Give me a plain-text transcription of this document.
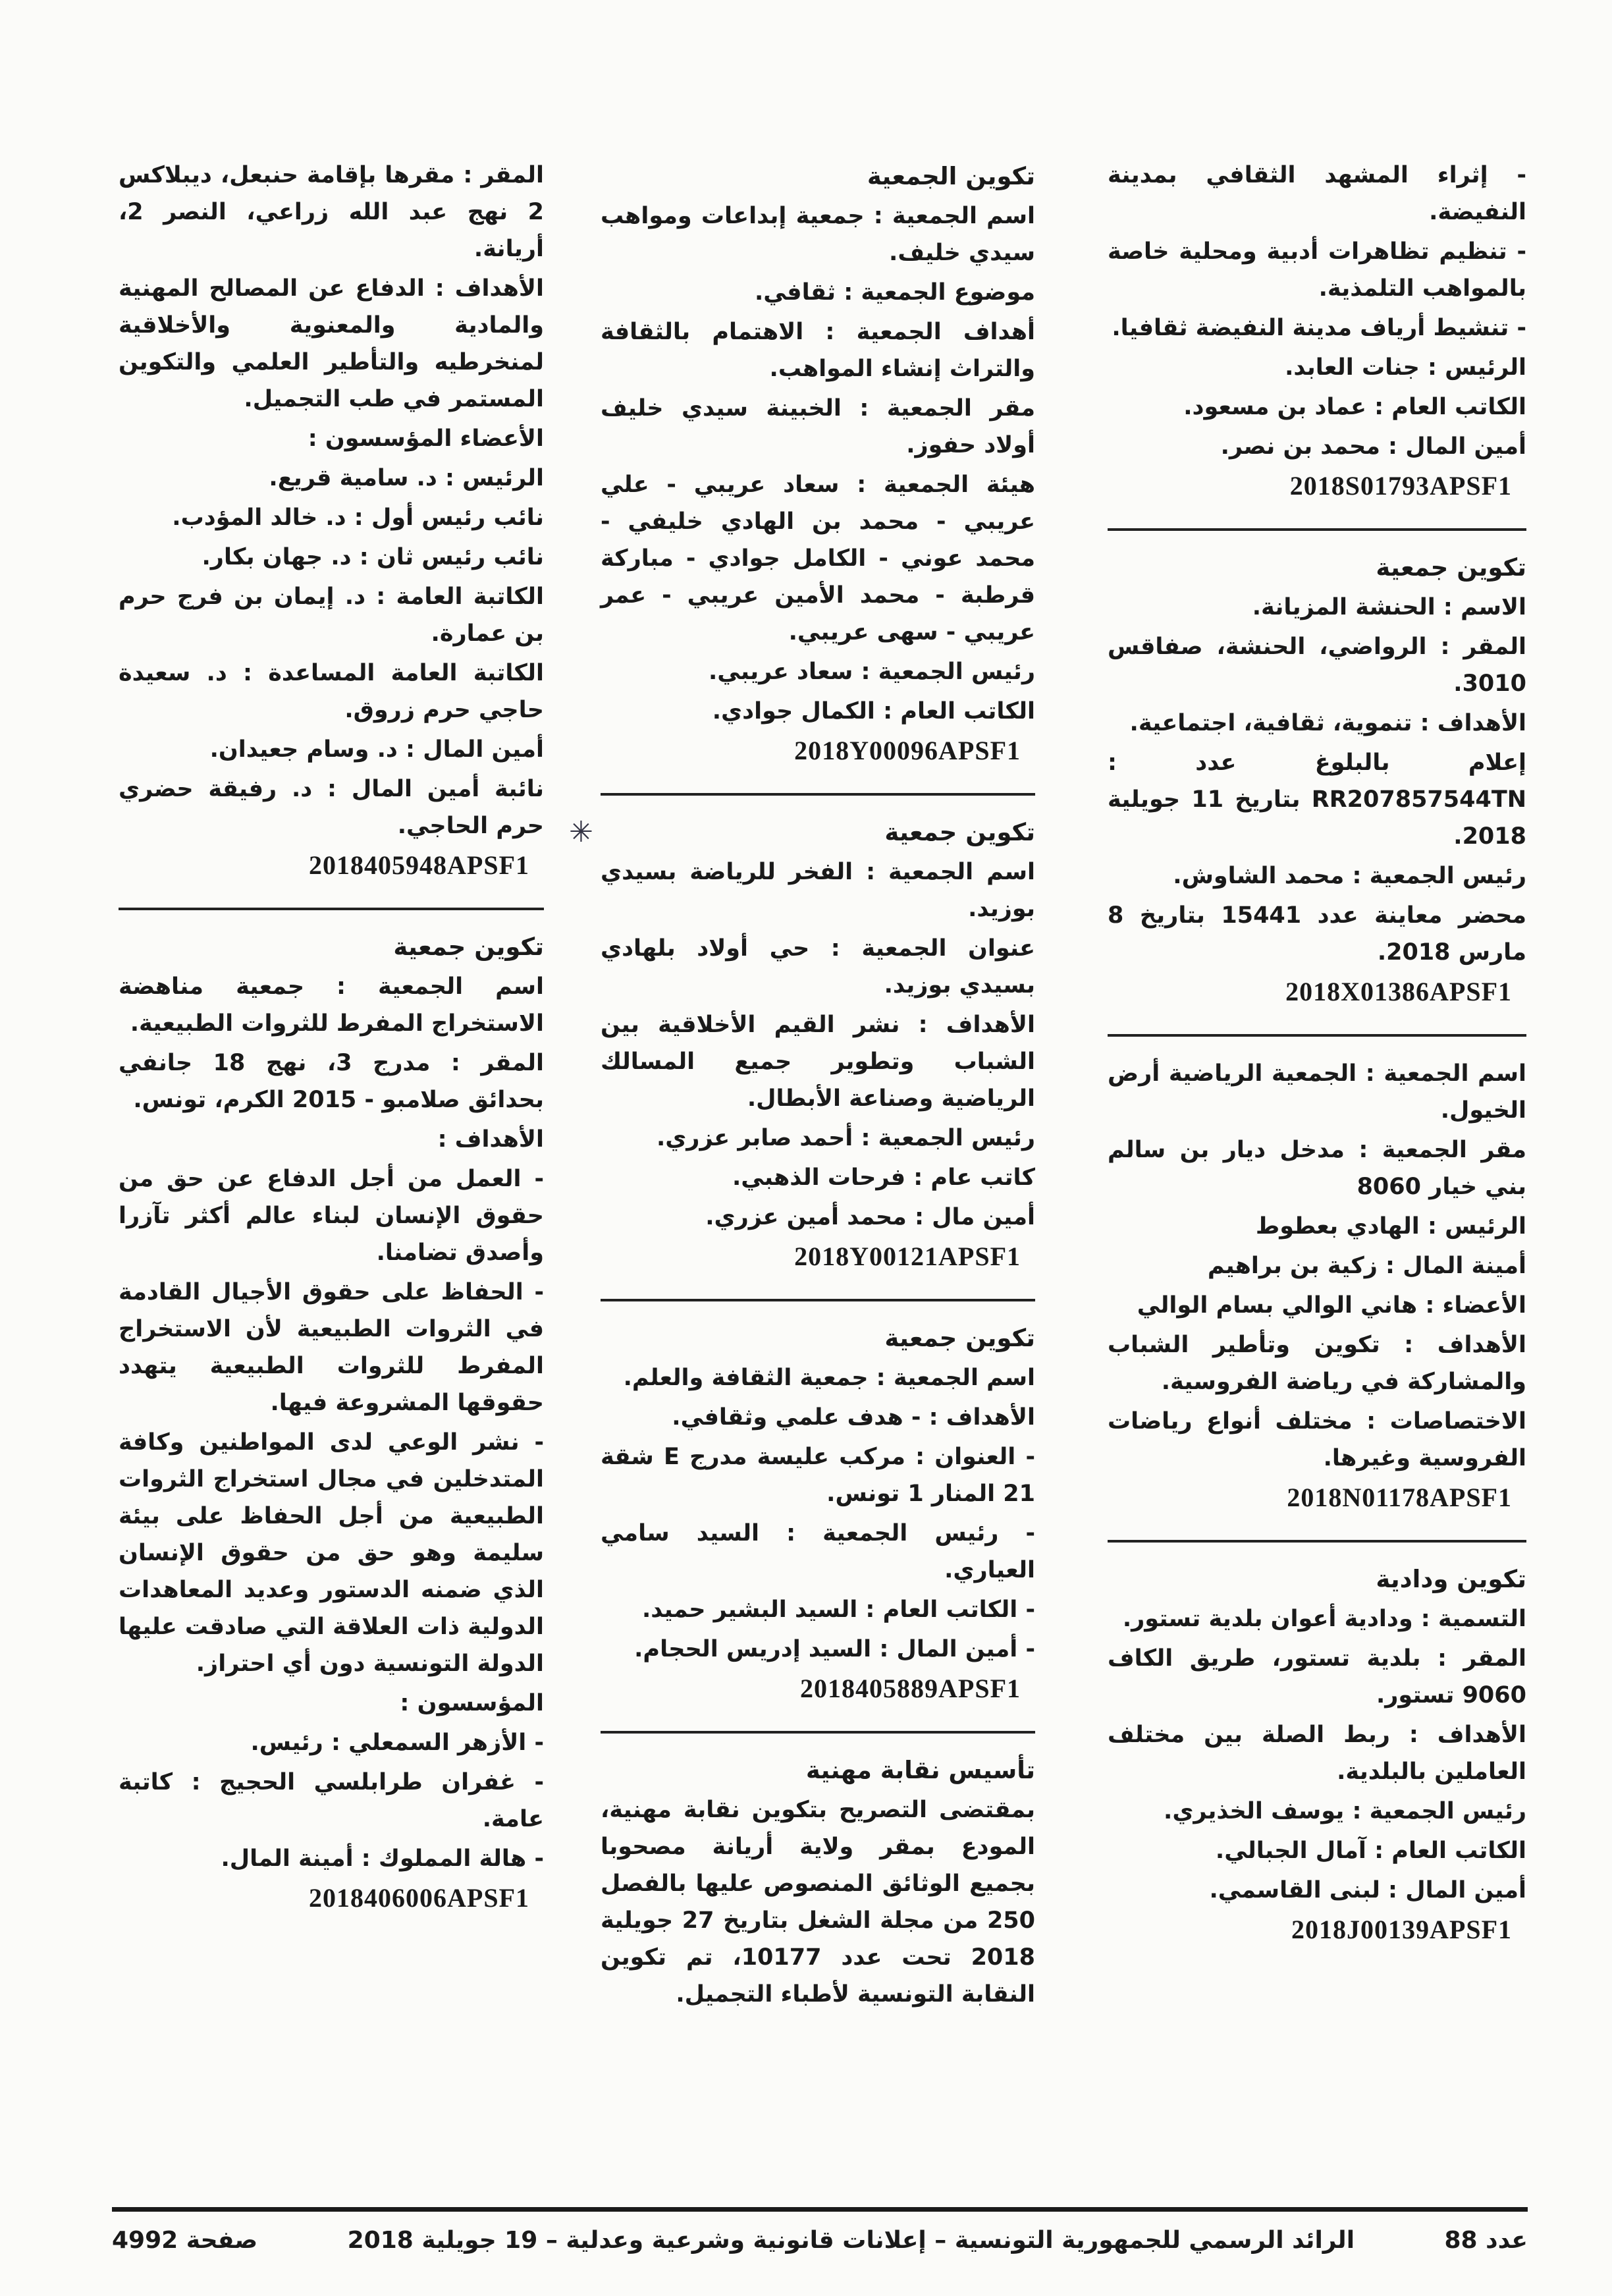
المقر : مقرها بإقامة حنبعل، ديبلاكس 2 نهج عبد الله زراعي، النصر 2، أريانة.
الأهداف : الدفاع عن المصالح المهنية والمادية والمعنوية والأخلاقية لمنخرطيه والتأطير العلمي والتكوين المستمر في طب التجميل.
الأعضاء المؤسسون :
الرئيس : د. سامية قريع.
نائب رئيس أول : د. خالد المؤدب.
نائب رئيس ثان : د. جهان بكار.
الكاتبة العامة : د. إيمان بن فرج حرم بن عمارة.
الكاتبة العامة المساعدة : د. سعيدة حاجي حرم زروق.
أمين المال : د. وسام جعيدان.
نائبة أمين المال : د. رفيقة حضري حرم الحاجي.
2018405948APSF1
تكوين جمعية
اسم الجمعية : جمعية مناهضة الاستخراج المفرط للثروات الطبيعية.
المقر : مدرج 3، نهج 18 جانفي بحدائق صلامبو - 2015 الكرم، تونس.
الأهداف :
- العمل من أجل الدفاع عن حق من حقوق الإنسان لبناء عالم أكثر تآزرا وأصدق تضامنا.
- الحفاظ على حقوق الأجيال القادمة في الثروات الطبيعية لأن الاستخراج المفرط للثروات الطبيعية يتهدد حقوقها المشروعة فيها.
- نشر الوعي لدى المواطنين وكافة المتدخلين في مجال استخراج الثروات الطبيعية من أجل الحفاظ على بيئة سليمة وهو حق من حقوق الإنسان الذي ضمنه الدستور وعديد المعاهدات الدولية ذات العلاقة التي صادقت عليها الدولة التونسية دون أي احتراز.
المؤسسون :
- الأزهر السمعلي : رئيس.
- غفران طرابلسي الحجيج : كاتبة عامة.
- هالة المملوك : أمينة المال.
2018406006APSF1
تكوين الجمعية
اسم الجمعية : جمعية إبداعات ومواهب سيدي خليف.
موضوع الجمعية : ثقافي.
أهداف الجمعية : الاهتمام بالثقافة والتراث إنشاء المواهب.
مقر الجمعية : الخبينة سيدي خليف أولاد حفوز.
هيئة الجمعية : سعاد عريبي - علي عريبي - محمد بن الهادي خليفي - محمد عوني - الكامل جوادي - مباركة قرطبة - محمد الأمين عريبي - عمر عريبي - سهى عريبي.
رئيس الجمعية : سعاد عريبي.
الكاتب العام : الكمال جوادي.
2018Y00096APSF1
تكوين جمعية
✳
اسم الجمعية : الفخر للرياضة بسيدي بوزيد.
عنوان الجمعية : حي أولاد بلهادي بسيدي بوزيد.
الأهداف : نشر القيم الأخلاقية بين الشباب وتطوير جميع المسالك الرياضية وصناعة الأبطال.
رئيس الجمعية : أحمد صابر عزري.
كاتب عام : فرحات الذهبي.
أمين مال : محمد أمين عزري.
2018Y00121APSF1
تكوين جمعية
اسم الجمعية : جمعية الثقافة والعلم.
الأهداف : - هدف علمي وثقافي.
- العنوان : مركب عليسة مدرج E شقة 21 المنار 1 تونس.
- رئيس الجمعية : السيد سامي العياري.
- الكاتب العام : السيد البشير حميد.
- أمين المال : السيد إدريس الحجام.
2018405889APSF1
تأسيس نقابة مهنية
بمقتضى التصريح بتكوين نقابة مهنية، المودع بمقر ولاية أريانة مصحوبا بجميع الوثائق المنصوص عليها بالفصل 250 من مجلة الشغل بتاريخ 27 جويلية 2018 تحت عدد 10177، تم تكوين النقابة التونسية لأطباء التجميل.
- إثراء المشهد الثقافي بمدينة النفيضة.
- تنظيم تظاهرات أدبية ومحلية خاصة بالمواهب التلمذية.
- تنشيط أرياف مدينة النفيضة ثقافيا.
الرئيس : جنات العابد.
الكاتب العام : عماد بن مسعود.
أمين المال : محمد بن نصر.
2018S01793APSF1
تكوين جمعية
الاسم : الحنشة المزيانة.
المقر : الرواضي، الحنشة، صفاقس 3010.
الأهداف : تنموية، ثقافية، اجتماعية.
إعلام بالبلوغ عدد : RR207857544TN بتاريخ 11 جويلية 2018.
رئيس الجمعية : محمد الشاوش.
محضر معاينة عدد 15441 بتاريخ 8 مارس 2018.
2018X01386APSF1
اسم الجمعية : الجمعية الرياضية أرض الخيول.
مقر الجمعية : مدخل ديار بن سالم بني خيار 8060
الرئيس : الهادي بعطوط
أمينة المال : زكية بن براهيم
الأعضاء : هاني الوالي بسام الوالي
الأهداف : تكوين وتأطير الشباب والمشاركة في رياضة الفروسية.
الاختصاصات : مختلف أنواع رياضات الفروسية وغيرها.
2018N01178APSF1
تكوين ودادية
التسمية : ودادية أعوان بلدية تستور.
المقر : بلدية تستور، طريق الكاف 9060 تستور.
الأهداف : ربط الصلة بين مختلف العاملين بالبلدية.
رئيس الجمعية : يوسف الخذيري.
الكاتب العام : آمال الجبالي.
أمين المال : لبنى القاسمي.
2018J00139APSF1
صفحة 4992	الرائد الرسمي للجمهورية التونسية – إعلانات قانونية وشرعية وعدلية – 19 جويلية 2018	عدد 88
